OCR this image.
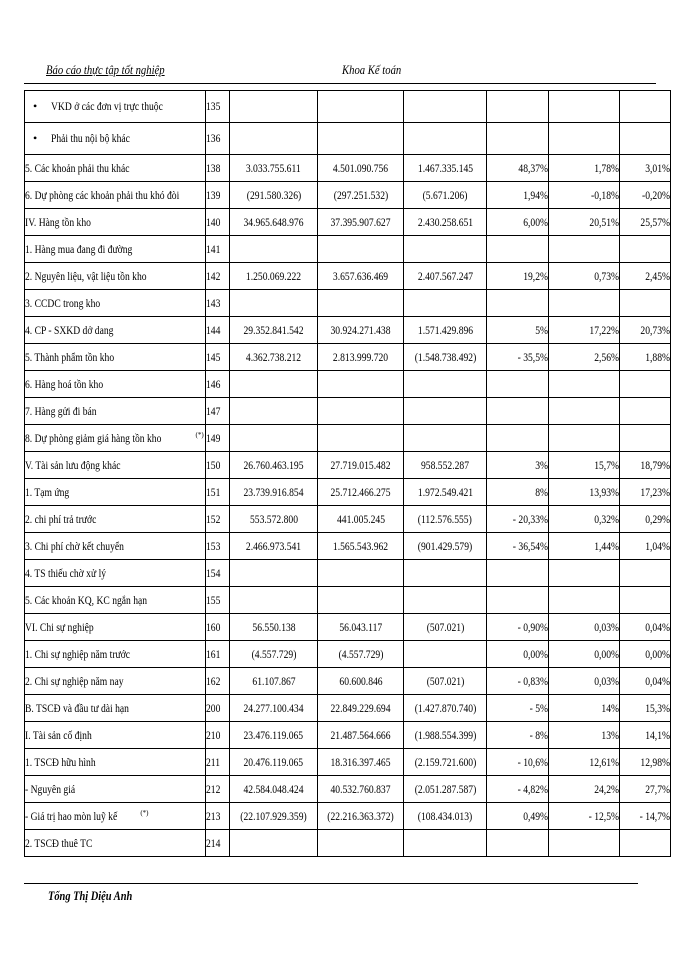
Báo cáo thực tập tốt nghiệp	Khoa Kế toán
• VKD ở các đơn vị trực thuộc	135						
• Phải thu nội bộ khác	136						
5. Các khoản phải thu khác	138	3.033.755.611	4.501.090.756	1.467.335.145	48,37%	1,78%	3,01%
6. Dự phòng các khoản phải thu khó đòi	139	(291.580.326)	(297.251.532)	(5.671.206)	1,94%	-0,18%	-0,20%
IV. Hàng tồn kho	140	34.965.648.976	37.395.907.627	2.430.258.651	6,00%	20,51%	25,57%
1. Hàng mua đang đi đường	141						
2. Nguyên liệu, vật liệu tồn kho	142	1.250.069.222	3.657.636.469	2.407.567.247	19,2%	0,73%	2,45%
3. CCDC trong kho	143						
4. CP - SXKD dở dang	144	29.352.841.542	30.924.271.438	1.571.429.896	5%	17,22%	20,73%
5. Thành phẩm tồn kho	145	4.362.738.212	2.813.999.720	(1.548.738.492)	- 35,5%	2,56%	1,88%
6. Hàng hoá tồn kho	146						
7. Hàng gửi đi bán	147						
8. Dự phòng giảm giá hàng tồn kho (*)	149						
V. Tài sản lưu động khác	150	26.760.463.195	27.719.015.482	958.552.287	3%	15,7%	18,79%
1. Tạm ứng	151	23.739.916.854	25.712.466.275	1.972.549.421	8%	13,93%	17,23%
2. chi phí trả trước	152	553.572.800	441.005.245	(112.576.555)	- 20,33%	0,32%	0,29%
3. Chi phí chờ kết chuyển	153	2.466.973.541	1.565.543.962	(901.429.579)	- 36,54%	1,44%	1,04%
4. TS thiếu chờ xử lý	154						
5. Các khoản KQ, KC ngắn hạn	155						
VI. Chi sự nghiệp	160	56.550.138	56.043.117	(507.021)	- 0,90%	0,03%	0,04%
1. Chi sự nghiệp năm trước	161	(4.557.729)	(4.557.729)		0,00%	0,00%	0,00%
2. Chi sự nghiệp năm nay	162	61.107.867	60.600.846	(507.021)	- 0,83%	0,03%	0,04%
B. TSCĐ và đầu tư dài hạn	200	24.277.100.434	22.849.229.694	(1.427.870.740)	- 5%	14%	15,3%
I. Tài sản cố định	210	23.476.119.065	21.487.564.666	(1.988.554.399)	- 8%	13%	14,1%
1. TSCĐ hữu hình	211	20.476.119.065	18.316.397.465	(2.159.721.600)	- 10,6%	12,61%	12,98%
- Nguyên giá	212	42.584.048.424	40.532.760.837	(2.051.287.587)	- 4,82%	24,2%	27,7%
- Giá trị hao mòn luỹ kế (*)	213	(22.107.929.359)	(22.216.363.372)	(108.434.013)	0,49%	- 12,5%	- 14,7%
2. TSCĐ thuê TC	214						
Tống Thị Diệu Anh
